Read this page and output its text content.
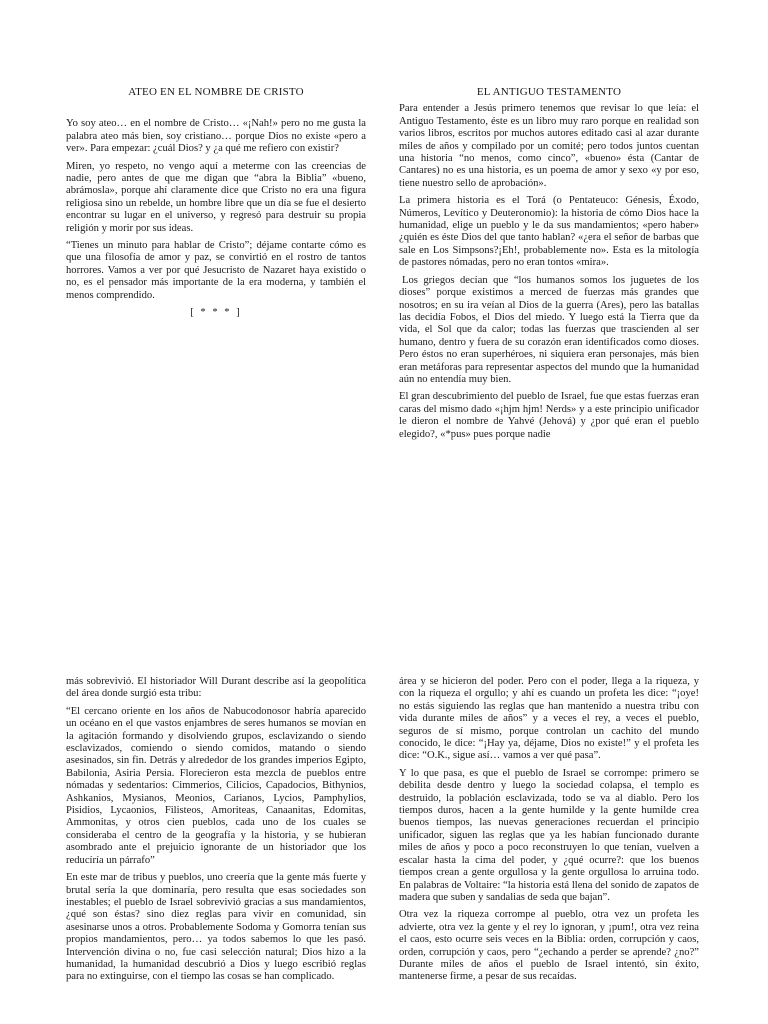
ATEO EN EL NOMBRE DE CRISTO

Yo soy ateo… en el nombre de Cristo… «¡Nah!» pero no me gusta la palabra ateo más bien, soy cristiano… porque Dios no existe «pero a ver». Para empezar: ¿cuál Dios? y ¿a qué me refiero con existir?

Miren, yo respeto, no vengo aquí a meterme con las creencias de nadie, pero antes de que me digan que “abra la Biblia” «bueno, abrámosla», porque ahí claramente dice que Cristo no era una figura religiosa sino un rebelde, un hombre libre que un día se fue el desierto encontrar su lugar en el universo, y regresó para destruir su propia religión y morir por sus ideas.

“Tienes un minuto para hablar de Cristo”; déjame contarte cómo es que una filosofía de amor y paz, se convirtió en el rostro de tantos horrores. Vamos a ver por qué Jesucristo de Nazaret haya existido o no, es el pensador más importante de la era moderna, y también el menos comprendido.

[ * * * ]
EL ANTIGUO TESTAMENTO

Para entender a Jesús primero tenemos que revisar lo que leía: el Antiguo Testamento, éste es un libro muy raro porque en realidad son varios libros, escritos por muchos autores editado casi al azar durante miles de años y compilado por un comité; pero todos juntos cuentan una historia “no menos, como cinco”, «bueno» ésta (Cantar de Cantares) no es una historia, es un poema de amor y sexo «y por eso, tiene nuestro sello de aprobación».

La primera historia es el Torá (o Pentateuco: Génesis, Éxodo, Números, Levítico y Deuteronomio): la historia de cómo Dios hace la humanidad, elige un pueblo y le da sus mandamientos; «pero haber» ¿quién es éste Dios del que tanto hablan? «¿era el señor de barbas que sale en Los Simpsons?¡Eh!, probablemente no». Esta es la mitología de pastores nómadas, pero no eran tontos «mira».

Los griegos decían que “los humanos somos los juguetes de los dioses” porque existimos a merced de fuerzas más grandes que nosotros; en su ira veían al Dios de la guerra (Ares), pero las batallas las decidía Fobos, el Dios del miedo. Y luego está la Tierra que da vida, el Sol que da calor; todas las fuerzas que trascienden al ser humano, dentro y fuera de su corazón eran identificados como dioses. Pero éstos no eran superhéroes, ni siquiera eran personajes, más bien eran metáforas para representar aspectos del mundo que la humanidad aún no entendía muy bien.

El gran descubrimiento del pueblo de Israel, fue que estas fuerzas eran caras del mismo dado «¡hjm hjm! Nerds» y a este principio unificador le dieron el nombre de Yahvé (Jehová) y ¿por qué eran el pueblo elegido?, «*pus» pues porque nadie

más sobrevivió. El historiador Will Durant describe así la geopolítica del área donde surgió esta tribu:

“El cercano oriente en los años de Nabucodonosor habría aparecido un océano en el que vastos enjambres de seres humanos se movían en la agitación formando y disolviendo grupos, esclavizando o siendo esclavizados, comiendo o siendo comidos, matando o siendo asesinados, sin fin. Detrás y alrededor de los grandes imperios Egipto, Babilonia, Asiria Persia. Florecieron esta mezcla de pueblos entre nómadas y sedentarios: Cimmerios, Cilicios, Capadocios, Bithynios, Ashkanios, Mysianos, Meonios, Carianos, Lycios, Pamphylios, Pisidios, Lycaonios, Filisteos, Amoriteas, Canaanitas, Edomitas, Ammonitas, y otros cien pueblos, cada uno de los cuales se consideraba el centro de la geografía y la historia, y se hubieran asombrado ante el prejuicio ignorante de un historiador que los reducíría un párrafo”

En este mar de tribus y pueblos, uno creería que la gente más fuerte y brutal sería la que dominaría, pero resulta que esas sociedades son inestables; el pueblo de Israel sobrevivió gracias a sus mandamientos, ¿qué son éstas? sino diez reglas para vivir en comunidad, sin asesinarse unos a otros. Probablemente Sodoma y Gomorra tenían sus propios mandamientos, pero… ya todos sabemos lo que les pasó. Intervención divina o no, fue casi selección natural; Dios hizo a la humanidad, la humanidad descubrió a Dios y luego escribió reglas para no extinguirse, con el tiempo las cosas se han complicado.

área y se hicieron del poder. Pero con el poder, llega a la riqueza, y con la riqueza el orgullo; y ahí es cuando un profeta les dice: “¡oye! no estás siguiendo las reglas que han mantenido a nuestra tribu con vida durante miles de años” y a veces el rey, a veces el pueblo, seguros de sí mismo, porque controlan un cachito del mundo conocido, le dice: “¡Hay ya, déjame, Dios no existe!” y el profeta les dice: “O.K., sigue así… vamos a ver qué pasa”.

Y lo que pasa, es que el pueblo de Israel se corrompe: primero se debilita desde dentro y luego la sociedad colapsa, el templo es destruido, la población esclavizada, todo se va al diablo. Pero los tiempos duros, hacen a la gente humilde y la gente humilde crea buenos tiempos, las nuevas generaciones recuerdan el principio unificador, siguen las reglas que ya les habían funcionado durante miles de años y poco a poco reconstruyen lo que tenían, vuelven a escalar hasta la cima del poder, y ¿qué ocurre?: que los buenos tiempos crean a gente orgullosa y la gente orgullosa lo arruina todo. En palabras de Voltaire: “la historia está llena del sonido de zapatos de madera que suben y sandalias de seda que bajan”.

Otra vez la riqueza corrompe al pueblo, otra vez un profeta les advierte, otra vez la gente y el rey lo ignoran, y ¡pum!, otra vez reina el caos, esto ocurre seis veces en la Biblia: orden, corrupción y caos, orden, corrupción y caos, pero “¿echando a perder se aprende? ¿no?” Durante miles de años el pueblo de Israel intentó, sin éxito, mantenerse firme, a pesar de sus recaídas.
